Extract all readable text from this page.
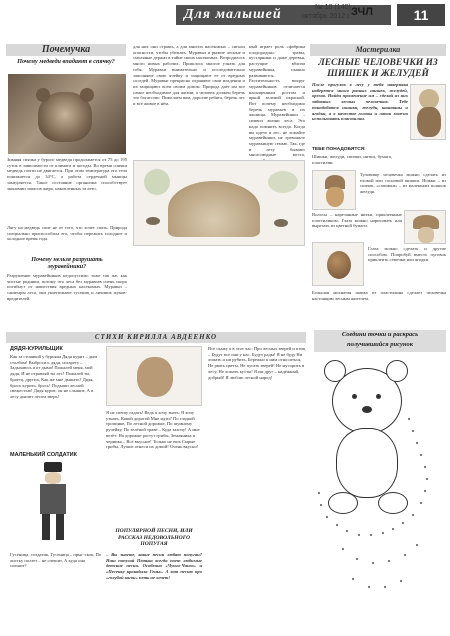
Для малышей	№ 10 (140)
октябрь 2012 г. ЗЧЛ	11
Почемучка
Почему медведи впадают в спячку?
Зимняя спячка у бурого медведя продолжается от 75 до 195 суток в зависимости от климата и погоды. Во время спячки медведь почти не двигается. При этом температура его тела понижается до 34°С, а работа сердечной мышцы замедляется. Такое состояние организма способствует экономии запасов жира, накопленных за лето.
Лягу на медведь спит не от того, что хочет спать. Природа специально приспособила его, чтобы пережить голодное и холодное время года.
Почему нельзя разрушать муравейники?
Разрушение муравейников недопустимо тоже так же, как чистые родники, потому что леса без муравьев очень скоро погибнут от нашествия вредных насекомых. Муравьи – санитары леса, они уничтожают гусениц и личинок жуков-вредителей.
для них они страшь, а для многих насекомых – сигнал опасности, чтобы убежать. Муравьи и рыжие лесные и смоляные держат в тайне своих насекомых. Возродилось много новых рабочих. Пришлось многое узнать для себя. Муравьи внимательно и последовательно заполняют свою ячейку и защищают ее от вредных соседей. Муравьи прекрасно охраняют свои владения и их защищают всем своим домом. Природа даёт им все самое необходимое для жизни, а человек должен беречь это богатство. Пожелаем вам, дорогие ребята, беречь лес и всё живое в нём.
ный играет роль «фабрика плодородия»: травы, кустарники и даже деревья, растущие вблизи муравейника, пышно развиваются. Растительность вокруг муравейников отличается насыщенным ростом и яркой зеленой окраской. Вот почему необходимо беречь муравьев и их жилища. Муравейники – символ жизни леса. Это надо помнить всегда. Когда вы идете в лес, не ломайте муравейники, не тревожьте муравьиную семью. Так, где в лесу бывают многолюдные места,
Мастерилка
ЛЕСНЫЕ ЧЕЛОВЕЧКИ ИЗ ШИШЕК И ЖЕЛУДЕЙ
После прогулок в лесу у тебя наверняка наберется много разных шишек, желудей, орехов. Найди применение им – сделай из них забавных лесных человечков. Тебе понадобятся шишки, желуди, каштаны и ягодки, а в качестве головы и лапок можно использовать пластилин.
ТЕБЕ ПОНАДОБЯТСЯ:
Шишки, желуди, спички, нитки, бумага, пластилин.
Туловище человечка можно сделать из еловой или сосновой шишки. Ножки – из спичек, «сапожки» – из маленьких шляпок желудя.
Волосы – нарезанные нитки, приклеенные пластилином. Глаза можно нарисовать или вырезать из цветной бумаги.
Глаза можно сделать и другие способом. Попробуй вместо пуговок приклеить семечки или ягодки.
Большая мохнатая шапка из пластилина сделает человечка настоящим лесным жителем.
СТИХИ КИРИЛЛА АВДЕЕНКО
ДЯДЯ-КУРИЛЬЩИК
Как за стоянкой у бурьяна Дядя курит – дым столбом! Выбросил, дядя, сигарету – Задыхаюсь я от дыма! Пожалей меня, мой дядя, И не отравляй ты лес! Пожалей ты, братец, других, Как же мне дышать? Дядя, брось курить, брось! Подыши лесной свежестью! Дядя курит, он не слышит, А в лесу дышит лесом зверь!
МАЛЕНЬКИЙ СОЛДАТИК
Гусеница, солдатик, Гусеница – прыг-скок, По листку ползет – не спешит, А куда она спешит?
Я не спешу гадать! Ведь я хочу знать: Я хочу узнать, Какой дорогой Мне идти? По гладкой тропинке, По лесной дорожке, По шумному ручейку, По зелёной траве – Куда захочу! А мне везёт: На дорожке растут грибы, Земляника и черника – Всё вкусное! Только не ешь Сырые грибы, Лучше отнеси их домой! Очень вкусно!
ПОПУЛЯРНОЙ ПЕСНИ, ИЛИ РАССКАЗ НЕДОВОЛЬНОГО ПОПУГАЯ
– Вы знаете, какие песни любят попугаи? Наш попугай Петька всегда поет любимые детские песни. Особенно «Чунга-Чанга» и «Песенку крокодила Гены». А вот песню про «голубой вагон» петь не хочет!
Всё скажу я в этот час: Про лесных зверей и птиц – Будут все они у нас. Будут рады! Я не буду Ни ломать и ни рубить, Бережно к ним относиться, Не рвать цветы, Не пугать зверей! Не мусорить в лесу, Не ломать кусты! Я им друг – надёжный, добрый! Я люблю лесной народ!
Соедини точки и раскрась
получившийся рисунок
